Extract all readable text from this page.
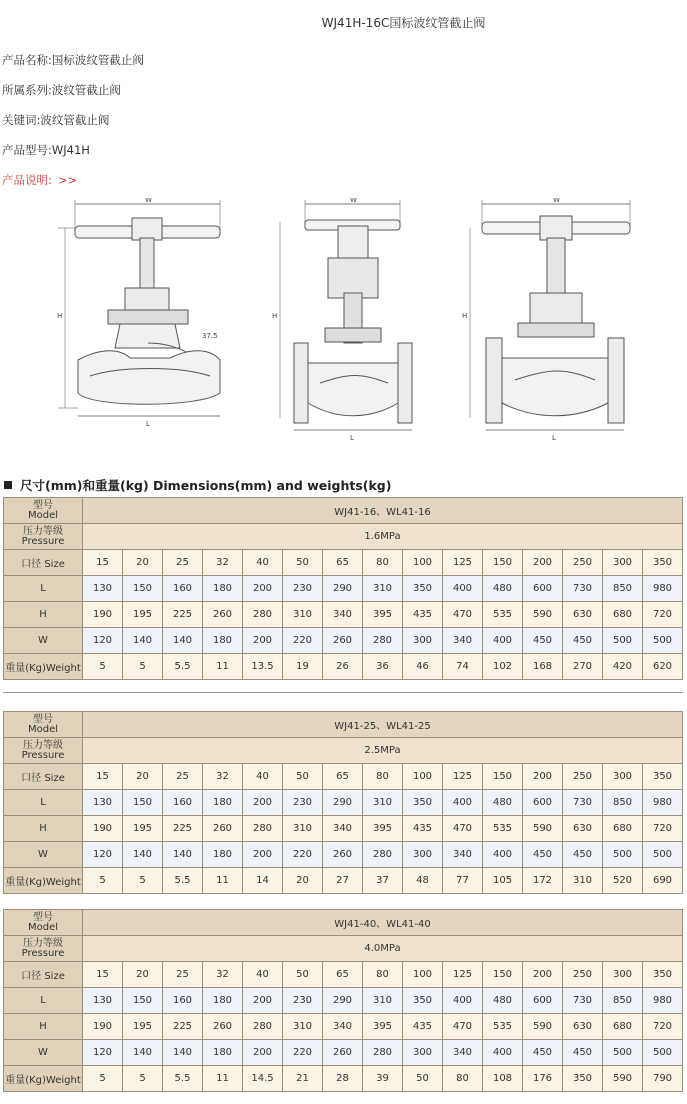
WJ41H-16C国标波纹管截止阀
产品名称:国标波纹管截止阀
所属系列:波纹管截止阀
关键词:波纹管截止阀
产品型号:WJ41H
产品说明: >>
W
H
L
37.5
W
H
L
W
H
L
尺寸(mm)和重量(kg) Dimensions(mm) and weights(kg)
型号
Model	WJ41-16、WL41-16														
压力等级
Pressure	1.6MPa														
口径 Size	15	20	25	32	40	50	65	80	100	125	150	200	250	300	350
L	130	150	160	180	200	230	290	310	350	400	480	600	730	850	980
H	190	195	225	260	280	310	340	395	435	470	535	590	630	680	720
W	120	140	140	180	200	220	260	280	300	340	400	450	450	500	500
重量(Kg)Weight	5	5	5.5	11	13.5	19	26	36	46	74	102	168	270	420	620
型号
Model	WJ41-25、WL41-25														
压力等级
Pressure	2.5MPa														
口径 Size	15	20	25	32	40	50	65	80	100	125	150	200	250	300	350
L	130	150	160	180	200	230	290	310	350	400	480	600	730	850	980
H	190	195	225	260	280	310	340	395	435	470	535	590	630	680	720
W	120	140	140	180	200	220	260	280	300	340	400	450	450	500	500
重量(Kg)Weight	5	5	5.5	11	14	20	27	37	48	77	105	172	310	520	690
型号
Model	WJ41-40、WL41-40														
压力等级
Pressure	4.0MPa														
口径 Size	15	20	25	32	40	50	65	80	100	125	150	200	250	300	350
L	130	150	160	180	200	230	290	310	350	400	480	600	730	850	980
H	190	195	225	260	280	310	340	395	435	470	535	590	630	680	720
W	120	140	140	180	200	220	260	280	300	340	400	450	450	500	500
重量(Kg)Weight	5	5	5.5	11	14.5	21	28	39	50	80	108	176	350	590	790
